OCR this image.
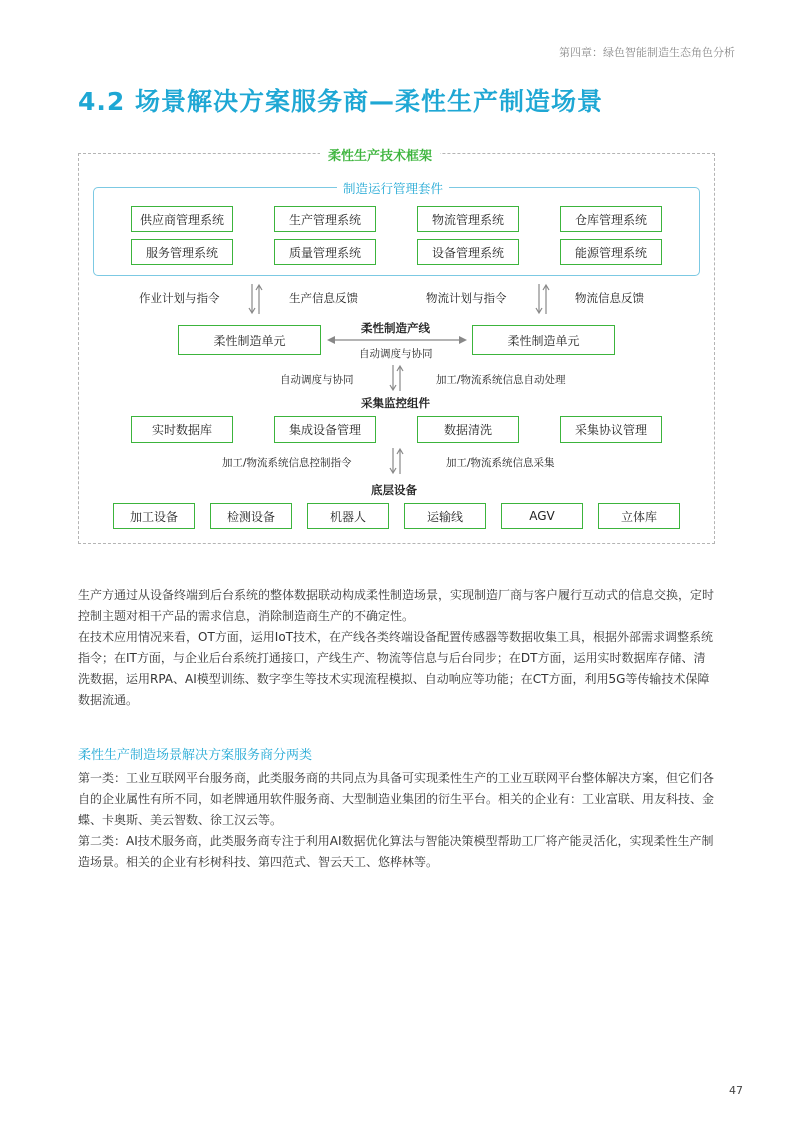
第四章：绿色智能制造生态角色分析
4.2 场景解决方案服务商—柔性生产制造场景
柔性生产技术框架
制造运行管理套件
供应商管理系统	生产管理系统	物流管理系统	仓库管理系统
服务管理系统	质量管理系统	设备管理系统	能源管理系统
作业计划与指令	生产信息反馈	物流计划与指令	物流信息反馈
柔性制造单元	柔性制造单元
柔性制造产线
自动调度与协同
自动调度与协同	加工/物流系统信息自动处理
采集监控组件
实时数据库	集成设备管理	数据清洗	采集协议管理
加工/物流系统信息控制指令	加工/物流系统信息采集
底层设备
加工设备	检测设备	机器人	运输线	AGV	立体库

生产方通过从设备终端到后台系统的整体数据联动构成柔性制造场景，实现制造厂商与客户履行互动式的信息交换，定时控制主题对相干产品的需求信息，消除制造商生产的不确定性。

在技术应用情况来看，OT方面，运用IoT技术，在产线各类终端设备配置传感器等数据收集工具，根据外部需求调整系统指令；在IT方面，与企业后台系统打通接口，产线生产、物流等信息与后台同步；在DT方面，运用实时数据库存储、清洗数据，运用RPA、AI模型训练、数字孪生等技术实现流程模拟、自动响应等功能；在CT方面，利用5G等传输技术保障数据流通。

柔性生产制造场景解决方案服务商分两类

第一类：工业互联网平台服务商，此类服务商的共同点为具备可实现柔性生产的工业互联网平台整体解决方案，但它们各自的企业属性有所不同，如老牌通用软件服务商、大型制造业集团的衍生平台。相关的企业有：工业富联、用友科技、金蝶、卡奥斯、美云智数、徐工汉云等。

第二类：AI技术服务商，此类服务商专注于利用AI数据优化算法与智能决策模型帮助工厂将产能灵活化，实现柔性生产制造场景。相关的企业有杉树科技、第四范式、智云天工、悠桦林等。

47
